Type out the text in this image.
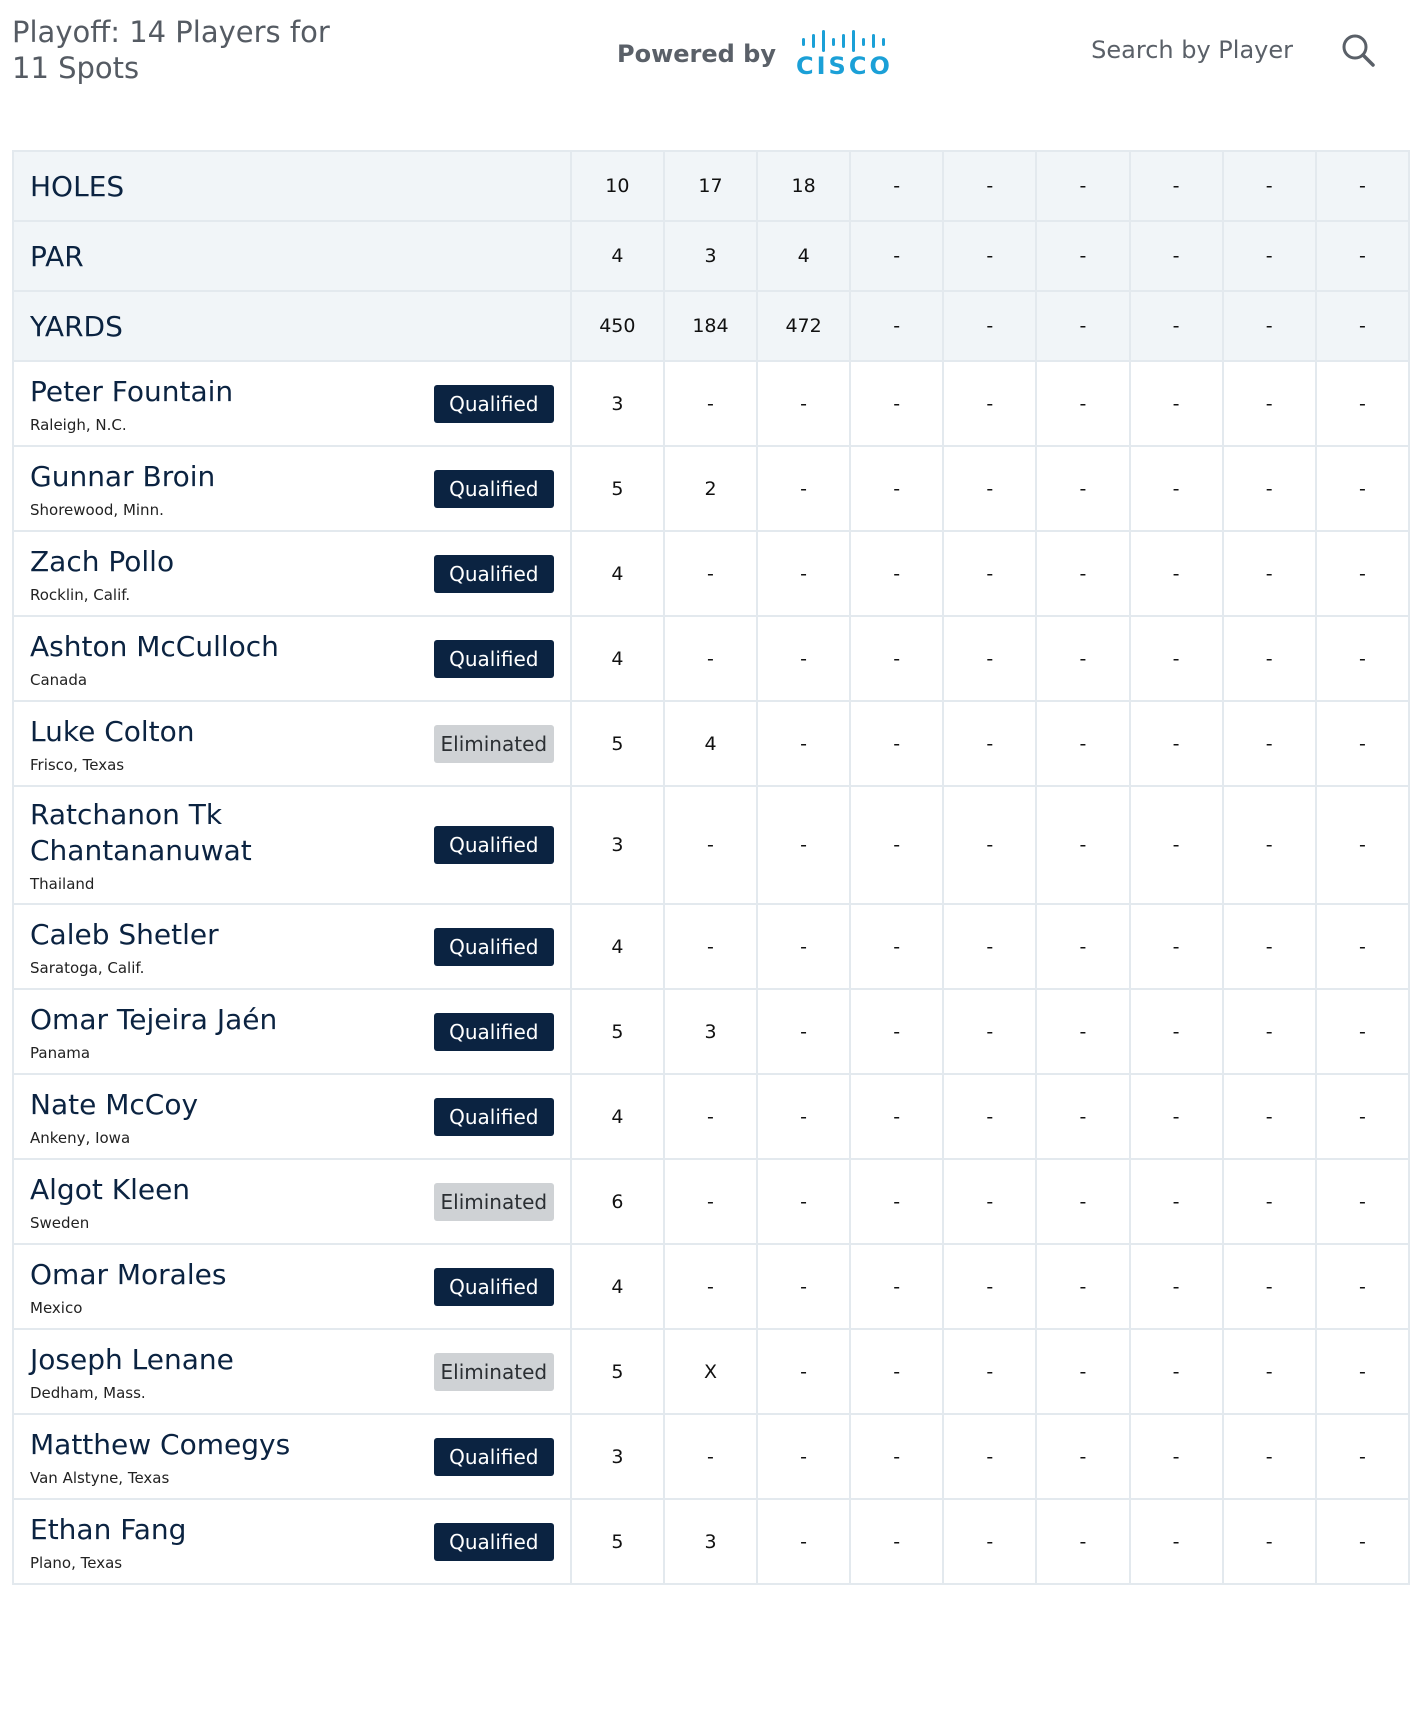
Playoff: 14 Players for 11 Spots	Powered by CISCO
Search by Player
HOLES	10	17	18	-	-	-	-	-	-
PAR	4	3	4	-	-	-	-	-	-
YARDS	450	184	472	-	-	-	-	-	-

Peter Fountain
Raleigh, N.C.
Qualified	3	-	-	-	-	-	-	-	-

Gunnar Broin
Shorewood, Minn.
Qualified	5	2	-	-	-	-	-	-	-

Zach Pollo
Rocklin, Calif.
Qualified	4	-	-	-	-	-	-	-	-

Ashton McCulloch
Canada
Qualified	4	-	-	-	-	-	-	-	-

Luke Colton
Frisco, Texas
Eliminated	5	4	-	-	-	-	-	-	-

Ratchanon Tk Chantananuwat
Thailand
Qualified	3	-	-	-	-	-	-	-	-

Caleb Shetler
Saratoga, Calif.
Qualified	4	-	-	-	-	-	-	-	-

Omar Tejeira Jaén
Panama
Qualified	5	3	-	-	-	-	-	-	-

Nate McCoy
Ankeny, Iowa
Qualified	4	-	-	-	-	-	-	-	-

Algot Kleen
Sweden
Eliminated	6	-	-	-	-	-	-	-	-

Omar Morales
Mexico
Qualified	4	-	-	-	-	-	-	-	-

Joseph Lenane
Dedham, Mass.
Eliminated	5	X	-	-	-	-	-	-	-

Matthew Comegys
Van Alstyne, Texas
Qualified	3	-	-	-	-	-	-	-	-

Ethan Fang
Plano, Texas
Qualified	5	3	-	-	-	-	-	-	-
